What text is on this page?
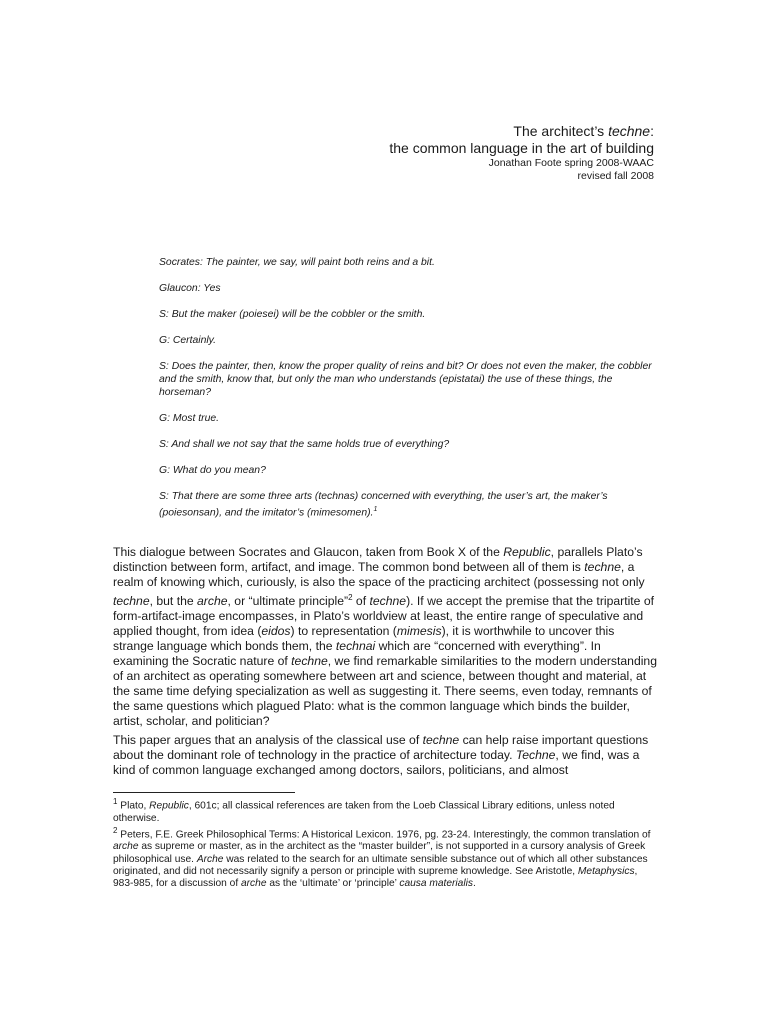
The architect’s techne:
the common language in the art of building
Jonathan Foote spring 2008-WAAC
revised fall 2008

Socrates: The painter, we say, will paint both reins and a bit.

Glaucon: Yes

S: But the maker (poiesei) will be the cobbler or the smith.

G: Certainly.

S: Does the painter, then, know the proper quality of reins and bit? Or does not even the maker, the cobbler and the smith, know that, but only the man who understands (epistatai) the use of these things, the horseman?

G: Most true.

S: And shall we not say that the same holds true of everything?

G: What do you mean?

S: That there are some three arts (technas) concerned with everything, the user’s art, the maker’s (poiesonsan), and the imitator’s (mimesomen).$^1$

This dialogue between Socrates and Glaucon, taken from Book X of the Republic, parallels Plato’s distinction between form, artifact, and image. The common bond between all of them is techne, a realm of knowing which, curiously, is also the space of the practicing architect (possessing not only techne, but the arche, or “ultimate principle”$^2$ of techne). If we accept the premise that the tripartite of form-artifact-image encompasses, in Plato’s worldview at least, the entire range of speculative and applied thought, from idea (eidos) to representation (mimesis), it is worthwhile to uncover this strange language which bonds them, the technai which are “concerned with everything”. In examining the Socratic nature of techne, we find remarkable similarities to the modern understanding of an architect as operating somewhere between art and science, between thought and material, at the same time defying specialization as well as suggesting it. There seems, even today, remnants of the same questions which plagued Plato: what is the common language which binds the builder, artist, scholar, and politician?

This paper argues that an analysis of the classical use of techne can help raise important questions about the dominant role of technology in the practice of architecture today. Techne, we find, was a kind of common language exchanged among doctors, sailors, politicians, and almost

$^1$ Plato, Republic, 601c; all classical references are taken from the Loeb Classical Library editions, unless noted otherwise.

$^2$ Peters, F.E. Greek Philosophical Terms: A Historical Lexicon. 1976, pg. 23-24. Interestingly, the common translation of arche as supreme or master, as in the architect as the “master builder”, is not supported in a cursory analysis of Greek philosophical use. Arche was related to the search for an ultimate sensible substance out of which all other substances originated, and did not necessarily signify a person or principle with supreme knowledge. See Aristotle, Metaphysics, 983-985, for a discussion of arche as the ‘ultimate’ or ‘principle’ causa materialis.
